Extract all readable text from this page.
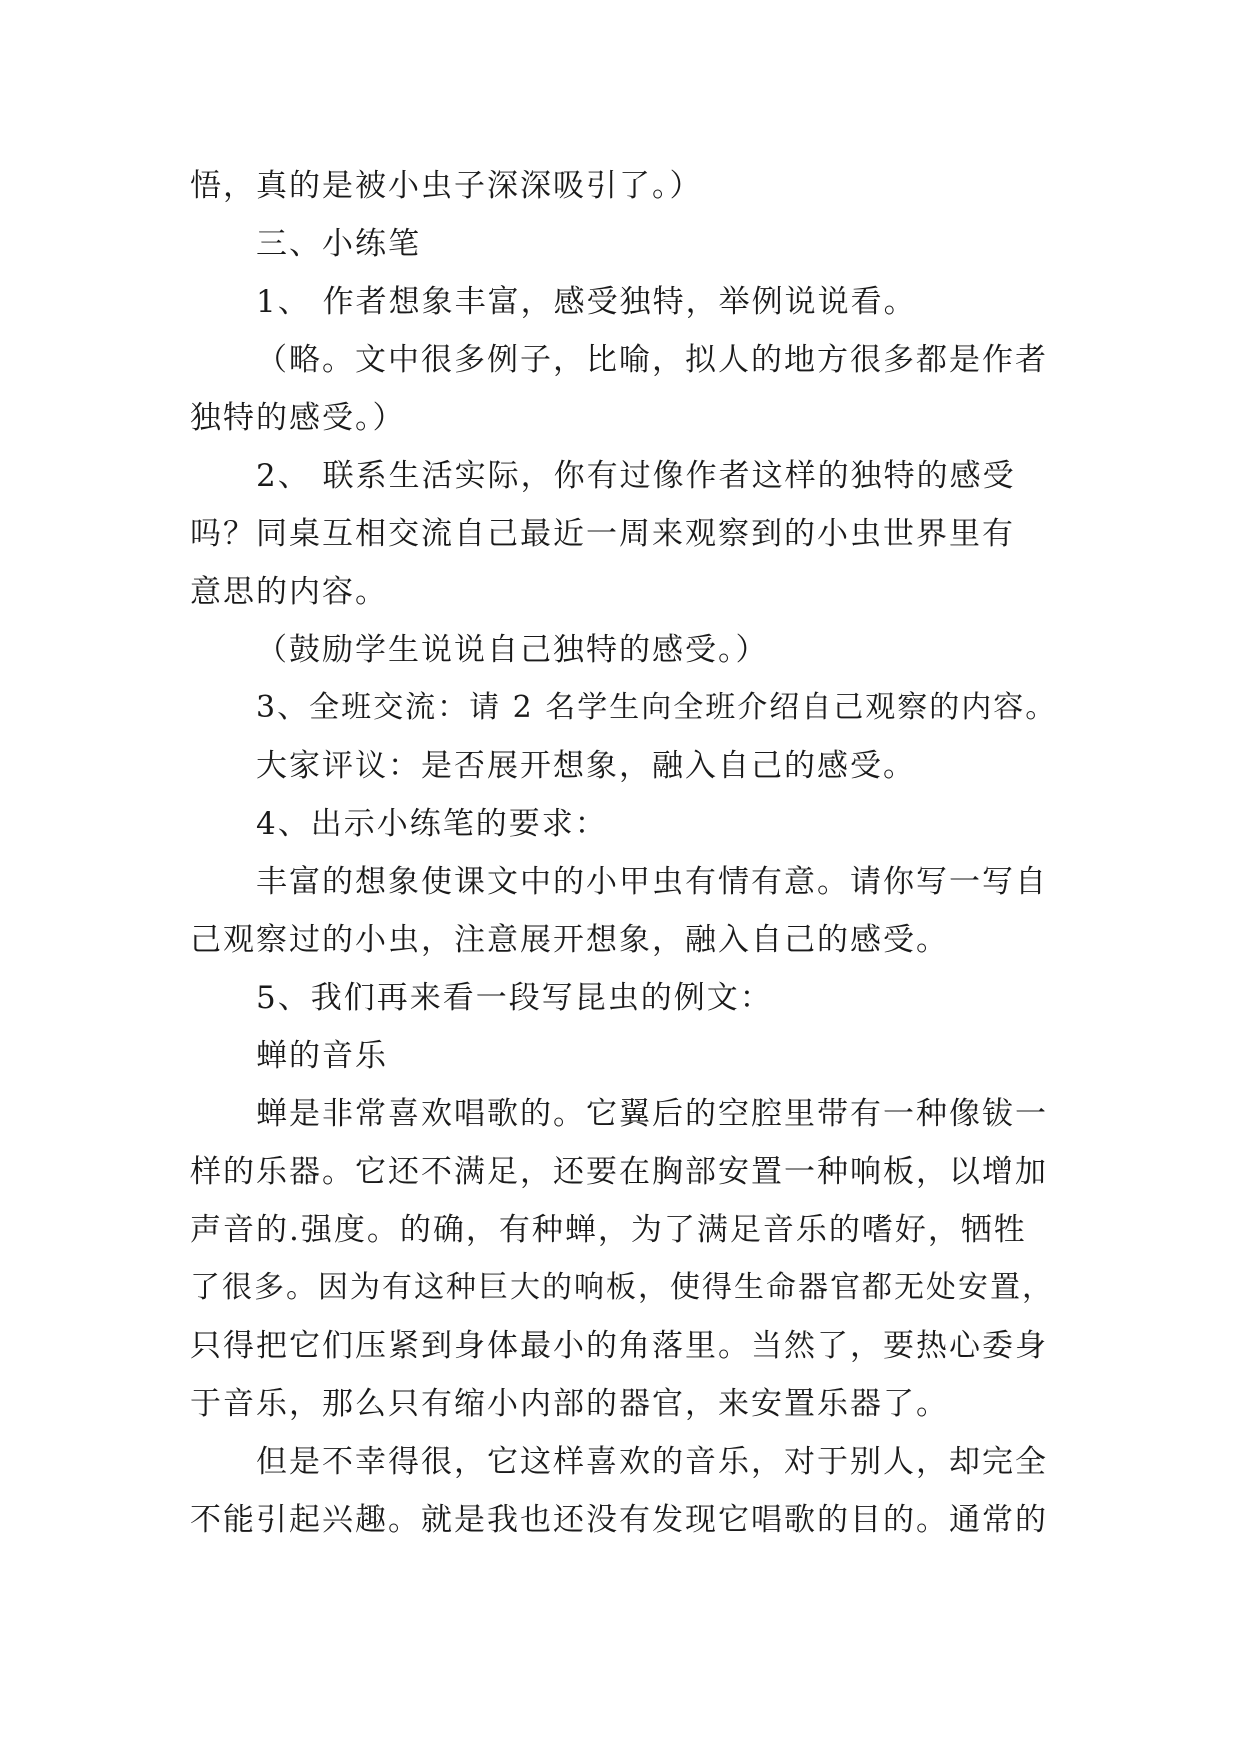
悟，真的是被小虫子深深吸引了。）
三、小练笔
1、 作者想象丰富，感受独特，举例说说看。
（略。文中很多例子，比喻，拟人的地方很多都是作者
独特的感受。）
2、 联系生活实际，你有过像作者这样的独特的感受
吗？同桌互相交流自己最近一周来观察到的小虫世界里有
意思的内容。
（鼓励学生说说自己独特的感受。）
3、全班交流：请 2 名学生向全班介绍自己观察的内容。
大家评议：是否展开想象，融入自己的感受。
4、出示小练笔的要求：
丰富的想象使课文中的小甲虫有情有意。请你写一写自
己观察过的小虫，注意展开想象，融入自己的感受。
5、我们再来看一段写昆虫的例文：
蝉的音乐
蝉是非常喜欢唱歌的。它翼后的空腔里带有一种像钹一
样的乐器。它还不满足，还要在胸部安置一种响板，以增加
声音的.强度。的确，有种蝉，为了满足音乐的嗜好，牺牲
了很多。因为有这种巨大的响板，使得生命器官都无处安置，
只得把它们压紧到身体最小的角落里。当然了，要热心委身
于音乐，那么只有缩小内部的器官，来安置乐器了。
但是不幸得很，它这样喜欢的音乐，对于别人，却完全
不能引起兴趣。就是我也还没有发现它唱歌的目的。通常的
